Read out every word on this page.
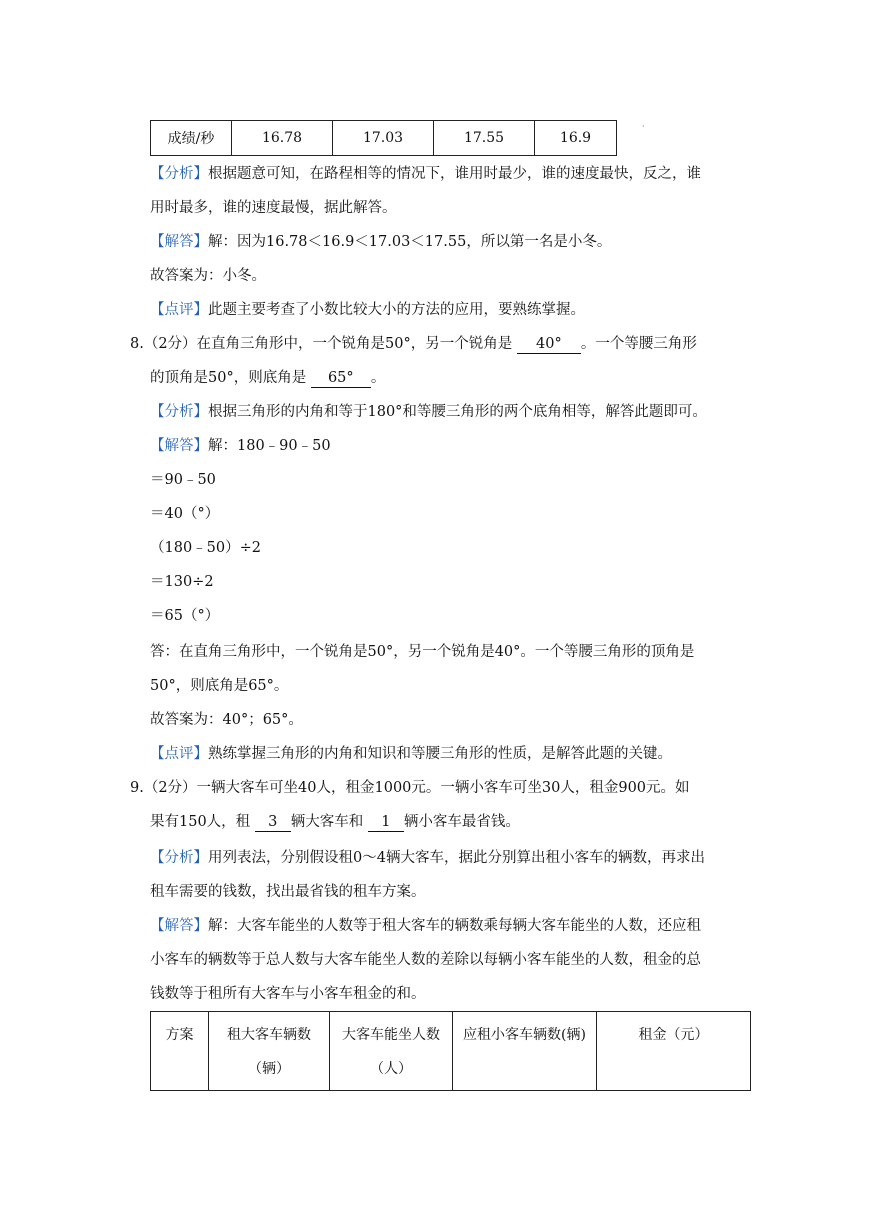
成绩/秒	16.78	17.03	17.55	16.9
·
【分析】根据题意可知，在路程相等的情况下，谁用时最少，谁的速度最快，反之，谁
用时最多，谁的速度最慢，据此解答。
【解答】解：因为16.78＜16.9＜17.03＜17.55，所以第一名是小冬。
故答案为：小冬。
【点评】此题主要考查了小数比较大小的方法的应用，要熟练掌握。
8.（2分）在直角三角形中，一个锐角是50°，另一个锐角是 40° 。一个等腰三角形
的顶角是50°，则底角是 65° 。
【分析】根据三角形的内角和等于180°和等腰三角形的两个底角相等，解答此题即可。
【解答】解：180﹣90﹣50
＝90﹣50
＝40（°）
（180﹣50）÷2
＝130÷2
＝65（°）
答：在直角三角形中，一个锐角是50°，另一个锐角是40°。一个等腰三角形的顶角是
50°，则底角是65°。
故答案为：40°；65°。
【点评】熟练掌握三角形的内角和知识和等腰三角形的性质，是解答此题的关键。
9.（2分）一辆大客车可坐40人，租金1000元。一辆小客车可坐30人，租金900元。如
果有150人，租 3 辆大客车和 1 辆小客车最省钱。
【分析】用列表法，分别假设租0～4辆大客车，据此分别算出租小客车的辆数，再求出
租车需要的钱数，找出最省钱的租车方案。
【解答】解：大客车能坐的人数等于租大客车的辆数乘每辆大客车能坐的人数，还应租
小客车的辆数等于总人数与大客车能坐人数的差除以每辆小客车能坐的人数，租金的总
钱数等于租所有大客车与小客车租金的和。
方案	租大客车辆数（辆）	大客车能坐人数（人）	应租小客车辆数(辆)	租金（元）
